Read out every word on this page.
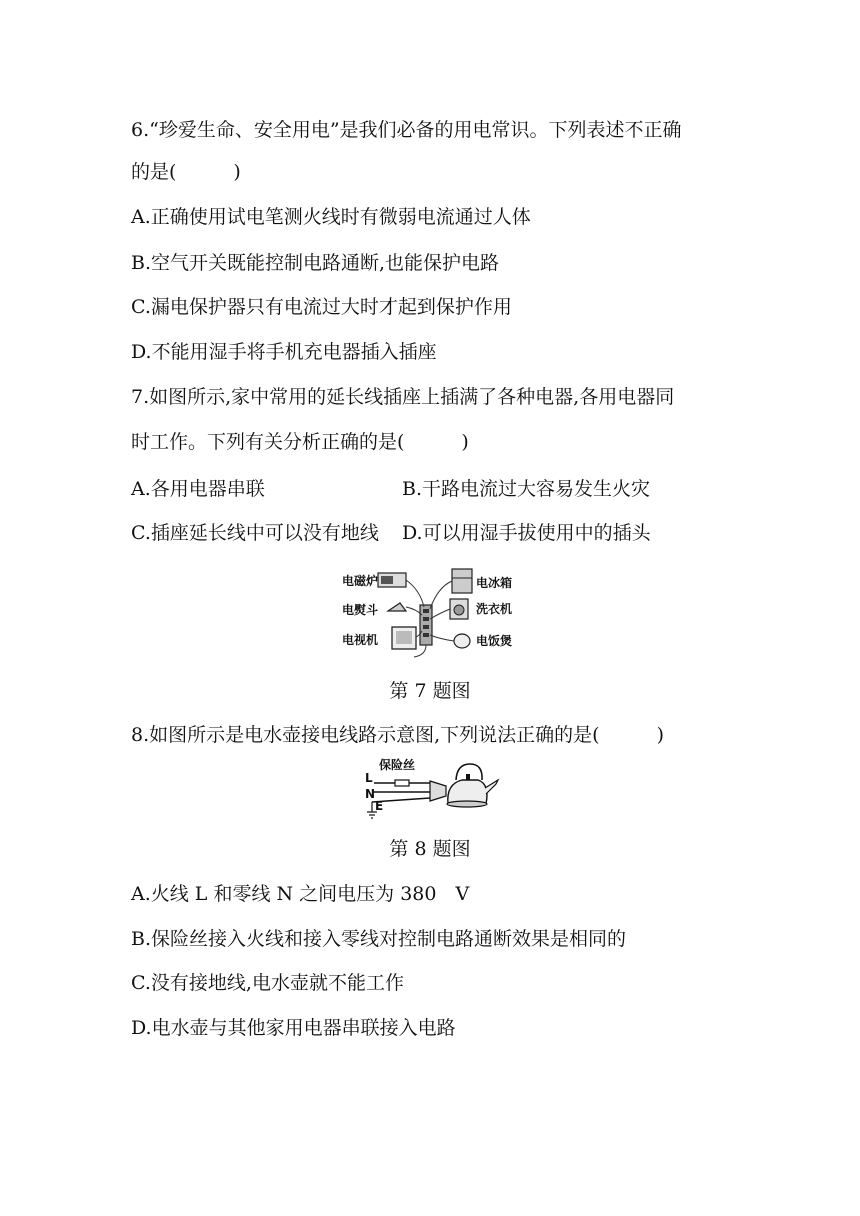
6.“珍爱生命、安全用电”是我们必备的用电常识。下列表述不正确
的是(　　　)
A.正确使用试电笔测火线时有微弱电流通过人体
B.空气开关既能控制电路通断,也能保护电路
C.漏电保护器只有电流过大时才起到保护作用
D.不能用湿手将手机充电器插入插座
7.如图所示,家中常用的延长线插座上插满了各种电器,各用电器同
时工作。下列有关分析正确的是(　　　)
A.各用电器串联	B.干路电流过大容易发生火灾
C.插座延长线中可以没有地线 D.可以用湿手拔使用中的插头
电磁炉
电熨斗
电视机
电冰箱
洗衣机
电饭煲
第 7 题图
8.如图所示是电水壶接电线路示意图,下列说法正确的是(　　　)
L
N
E
保险丝
第 8 题图
A.火线 L 和零线 N 之间电压为 380　V
B.保险丝接入火线和接入零线对控制电路通断效果是相同的
C.没有接地线,电水壶就不能工作
D.电水壶与其他家用电器串联接入电路
